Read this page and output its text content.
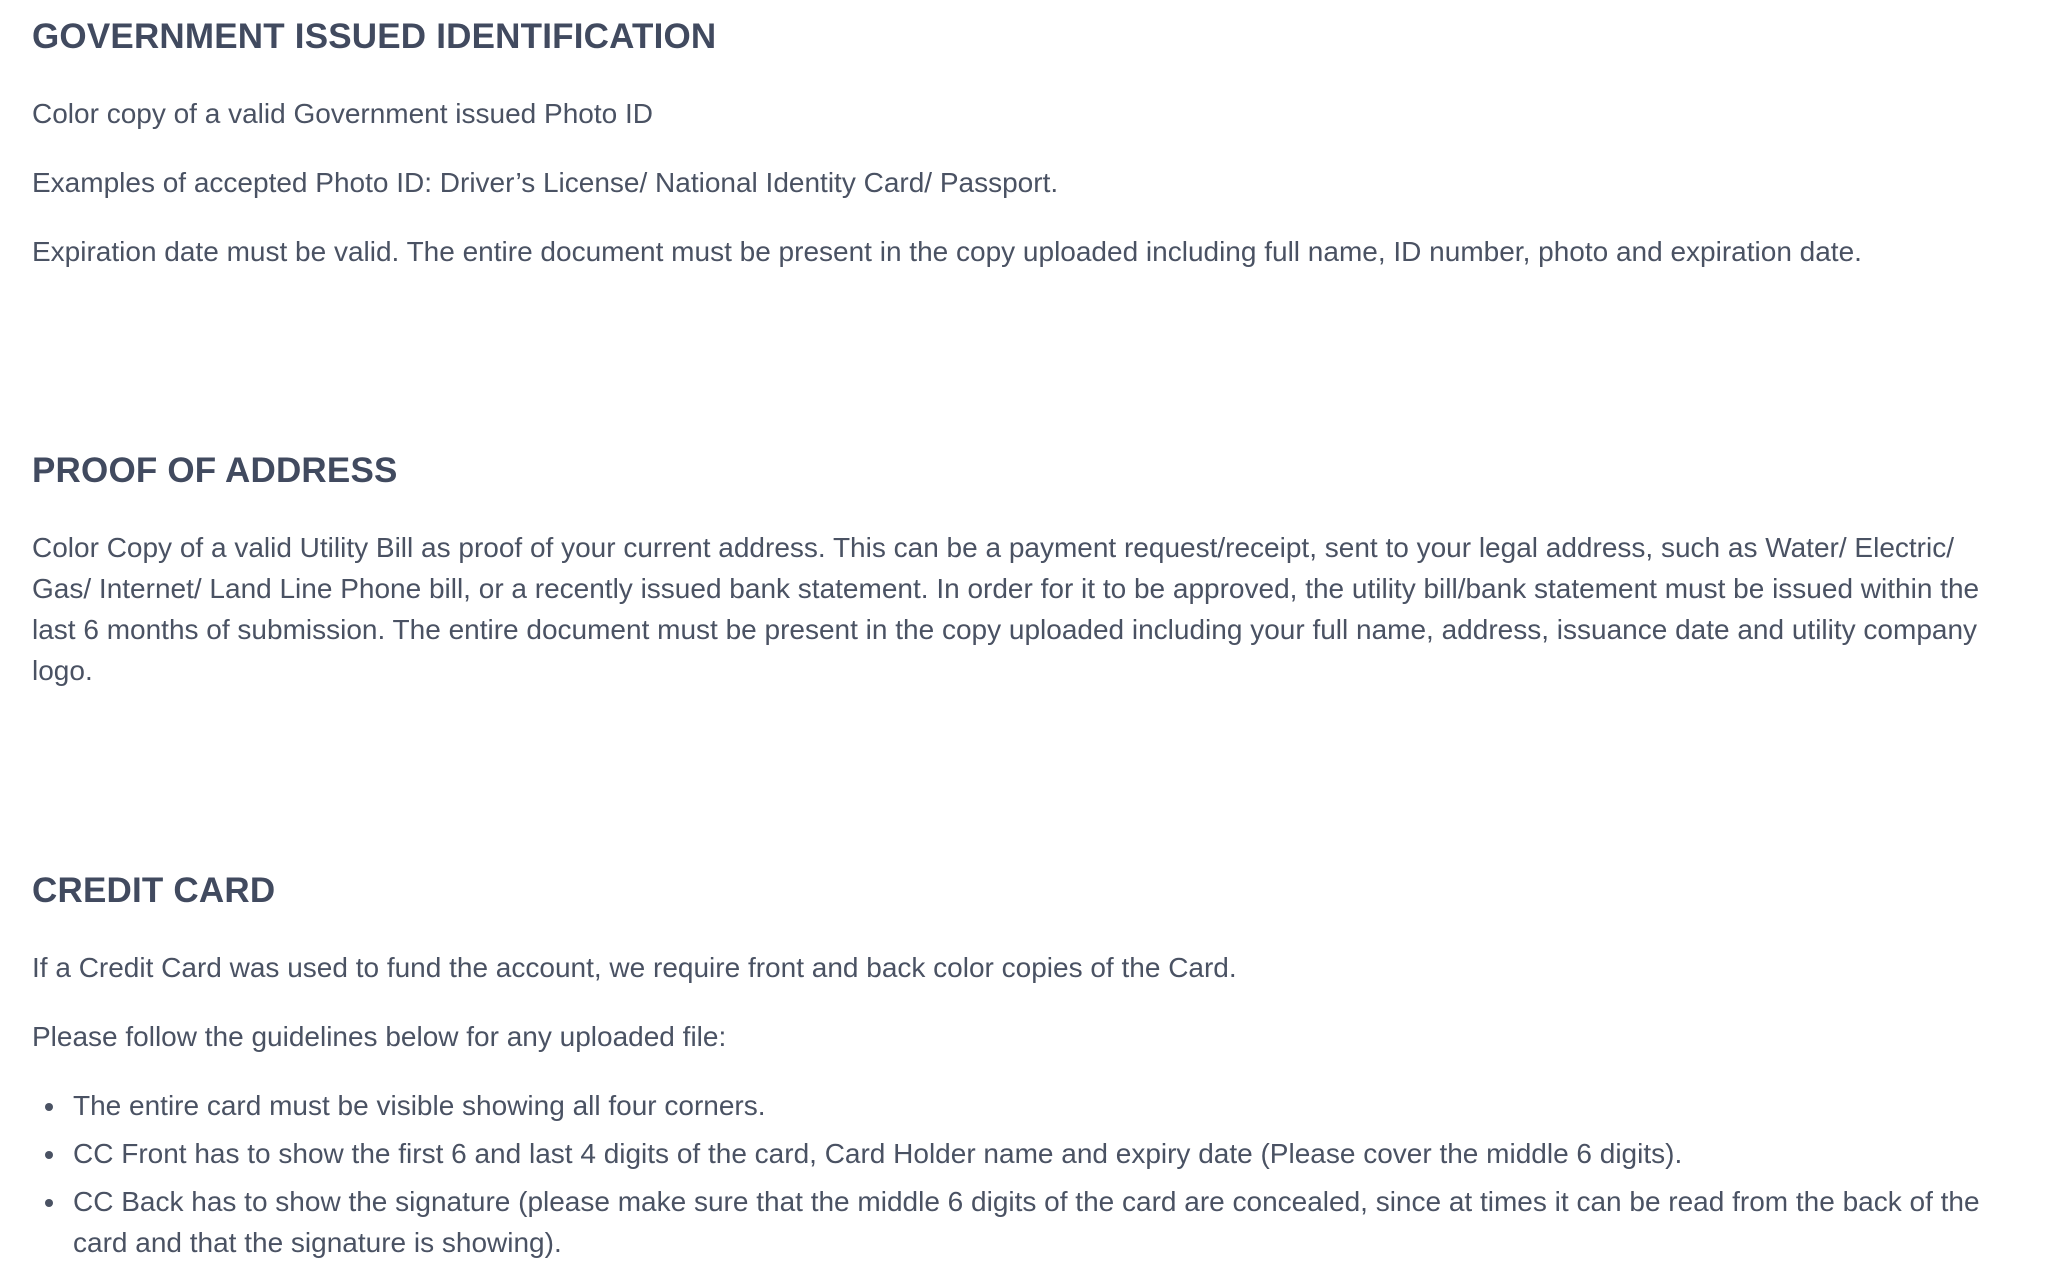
GOVERNMENT ISSUED IDENTIFICATION

Color copy of a valid Government issued Photo ID

Examples of accepted Photo ID: Driver’s License/ National Identity Card/ Passport.

Expiration date must be valid. The entire document must be present in the copy uploaded including full name, ID number, photo and expiration date.

PROOF OF ADDRESS

Color Copy of a valid Utility Bill as proof of your current address. This can be a payment request/receipt, sent to your legal address, such as Water/ Electric/ Gas/ Internet/ Land Line Phone bill, or a recently issued bank statement. In order for it to be approved, the utility bill/bank statement must be issued within the last 6 months of submission. The entire document must be present in the copy uploaded including your full name, address, issuance date and utility company logo.

CREDIT CARD

If a Credit Card was used to fund the account, we require front and back color copies of the Card.

Please follow the guidelines below for any uploaded file:

The entire card must be visible showing all four corners.
CC Front has to show the first 6 and last 4 digits of the card, Card Holder name and expiry date (Please cover the middle 6 digits).
CC Back has to show the signature (please make sure that the middle 6 digits of the card are concealed, since at times it can be read from the back of the card and that the signature is showing).
